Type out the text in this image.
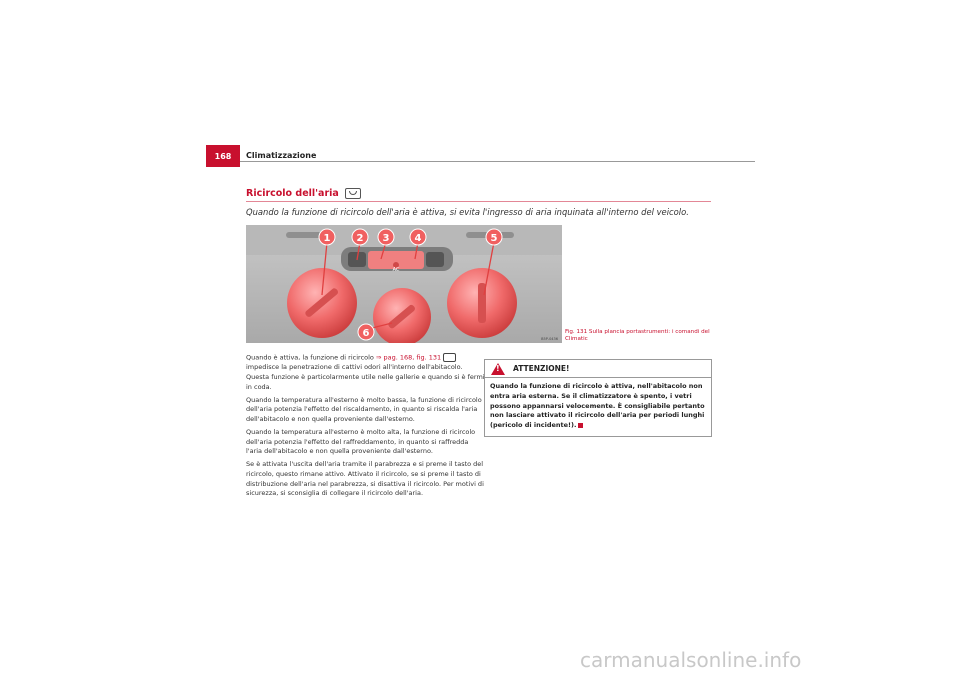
168	Climatizzazione
Ricircolo dell'aria
Quando la funzione di ricircolo dell'aria è attiva, si evita l'ingresso di aria inquinata all'interno del veicolo.
1	2 3	4	5
6
AC
B5P-0436
Fig. 131 Sulla plancia portastrumenti: i comandi del Climatic

Quando è attiva, la funzione di ricircolo ⇒ pag. 168, fig. 131 impedisce la penetrazione di cattivi odori all'interno dell'abitacolo. Questa funzione è particolarmente utile nelle gallerie e quando si è fermi in coda.

Quando la temperatura all'esterno è molto bassa, la funzione di ricircolo dell'aria potenzia l'effetto del riscaldamento, in quanto si riscalda l'aria dell'abitacolo e non quella proveniente dall'esterno.

Quando la temperatura all'esterno è molto alta, la funzione di ricircolo dell'aria potenzia l'effetto del raffreddamento, in quanto si raffredda l'aria dell'abitacolo e non quella proveniente dall'esterno.

Se è attivata l'uscita dell'aria tramite il parabrezza e si preme il tasto del ricircolo, questo rimane attivo. Attivato il ricircolo, se si preme il tasto di distribuzione dell'aria nel parabrezza, si disattiva il ricircolo. Per motivi di sicurezza, si sconsiglia di collegare il ricircolo dell'aria.

!
ATTENZIONE!
Quando la funzione di ricircolo è attiva, nell'abitacolo non entra aria esterna. Se il climatizzatore è spento, i vetri possono appannarsi velocemente. È consigliabile pertanto non lasciare attivato il ricircolo dell'aria per periodi lunghi (pericolo di incidente!).
carmanualsonline.info
